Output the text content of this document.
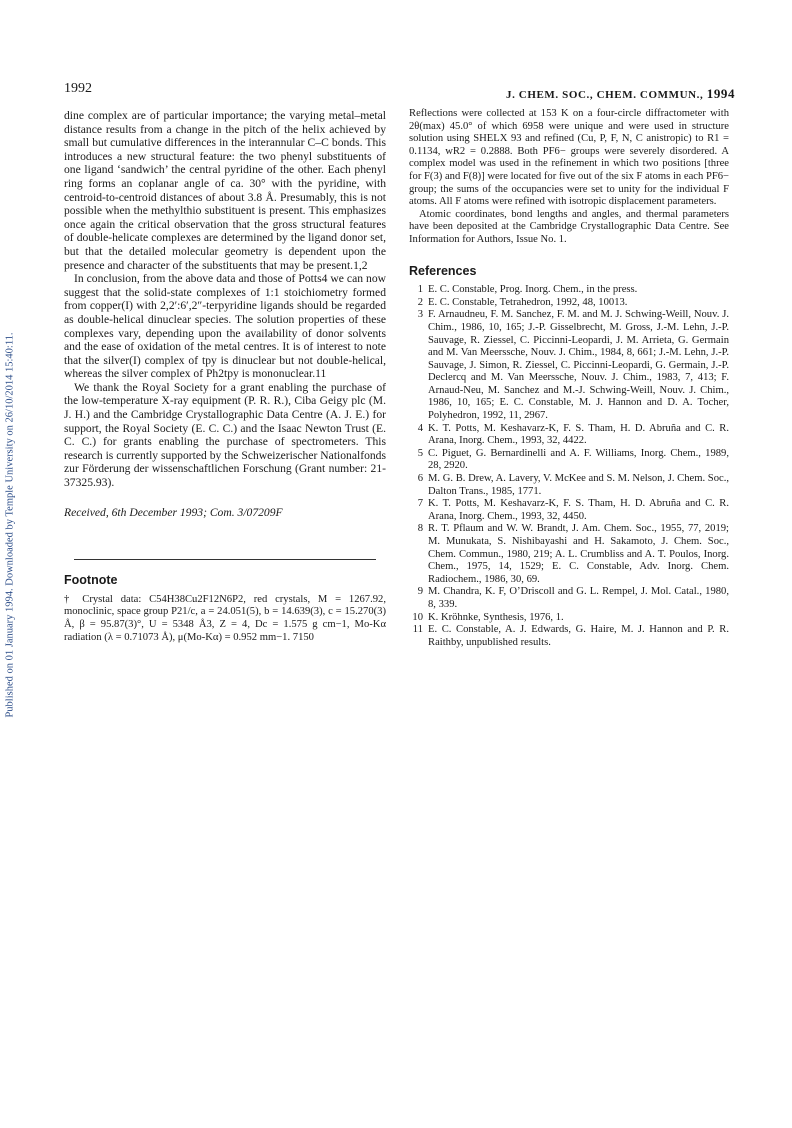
Published on 01 January 1994. Downloaded by Temple University on 26/10/2014 15:40:11.
1992	J. CHEM. SOC., CHEM. COMMUN., 1994

dine complex are of particular importance; the varying metal–metal distance results from a change in the pitch of the helix achieved by small but cumulative differences in the interannular C–C bonds. This introduces a new structural feature: the two phenyl substituents of one ligand ‘sandwich’ the central pyridine of the other. Each phenyl ring forms an coplanar angle of ca. 30° with the pyridine, with centroid-to-centroid distances of about 3.8 Å. Presumably, this is not possible when the methylthio substituent is present. This emphasizes once again the critical observation that the gross structural features of double-helicate complexes are determined by the ligand donor set, but that the detailed molecular geometry is dependent upon the presence and character of the substituents that may be present.1,2

In conclusion, from the above data and those of Potts4 we can now suggest that the solid-state complexes of 1:1 stoichiometry formed from copper(I) with 2,2′:6′,2″-terpyridine ligands should be regarded as double-helical dinuclear species. The solution properties of these complexes vary, depending upon the availability of donor solvents and the ease of oxidation of the metal centres. It is of interest to note that the silver(I) complex of tpy is dinuclear but not double-helical, whereas the silver complex of Ph2tpy is mononuclear.11

We thank the Royal Society for a grant enabling the purchase of the low-temperature X-ray equipment (P. R. R.), Ciba Geigy plc (M. J. H.) and the Cambridge Crystallographic Data Centre (A. J. E.) for support, the Royal Society (E. C. C.) and the Isaac Newton Trust (E. C. C.) for grants enabling the purchase of spectrometers. This research is currently supported by the Schweizerischer Nationalfonds zur Förderung der wissenschaftlichen Forschung (Grant number: 21-37325.93).

Received, 6th December 1993; Com. 3/07209F

Footnote

† Crystal data: C54H38Cu2F12N6P2, red crystals, M = 1267.92, monoclinic, space group P21/c, a = 24.051(5), b = 14.639(3), c = 15.270(3) Å, β = 95.87(3)°, U = 5348 Å3, Z = 4, Dc = 1.575 g cm−1, Mo-Kα radiation (λ = 0.71073 Å), μ(Mo-Kα) = 0.952 mm−1. 7150

Reflections were collected at 153 K on a four-circle diffractometer with 2θ(max) 45.0° of which 6958 were unique and were used in structure solution using SHELX 93 and refined (Cu, P, F, N, C anistropic) to R1 = 0.1134, wR2 = 0.2888. Both PF6− groups were severely disordered. A complex model was used in the refinement in which two positions [three for F(3) and F(8)] were located for five out of the six F atoms in each PF6− group; the sums of the occupancies were set to unity for the individual F atoms. All F atoms were refined with isotropic displacement parameters.

Atomic coordinates, bond lengths and angles, and thermal parameters have been deposited at the Cambridge Crystallographic Data Centre. See Information for Authors, Issue No. 1.

References
1 E. C. Constable, Prog. Inorg. Chem., in the press.
2 E. C. Constable, Tetrahedron, 1992, 48, 10013.
3 F. Arnaudneu, F. M. Sanchez, F. M. and M. J. Schwing-Weill, Nouv. J. Chim., 1986, 10, 165; J.-P. Gisselbrecht, M. Gross, J.-M. Lehn, J.-P. Sauvage, R. Ziessel, C. Piccinni-Leopardi, J. M. Arrieta, G. Germain and M. Van Meerssche, Nouv. J. Chim., 1984, 8, 661; J.-M. Lehn, J.-P. Sauvage, J. Simon, R. Ziessel, C. Piccinni-Leopardi, G. Germain, J.-P. Declercq and M. Van Meerssche, Nouv. J. Chim., 1983, 7, 413; F. Arnaud-Neu, M. Sanchez and M.-J. Schwing-Weill, Nouv. J. Chim., 1986, 10, 165; E. C. Constable, M. J. Hannon and D. A. Tocher, Polyhedron, 1992, 11, 2967.
4 K. T. Potts, M. Keshavarz-K, F. S. Tham, H. D. Abruña and C. R. Arana, Inorg. Chem., 1993, 32, 4422.
5 C. Piguet, G. Bernardinelli and A. F. Williams, Inorg. Chem., 1989, 28, 2920.
6 M. G. B. Drew, A. Lavery, V. McKee and S. M. Nelson, J. Chem. Soc., Dalton Trans., 1985, 1771.
7 K. T. Potts, M. Keshavarz-K, F. S. Tham, H. D. Abruña and C. R. Arana, Inorg. Chem., 1993, 32, 4450.
8 R. T. Pflaum and W. W. Brandt, J. Am. Chem. Soc., 1955, 77, 2019; M. Munukata, S. Nishibayashi and H. Sakamoto, J. Chem. Soc., Chem. Commun., 1980, 219; A. L. Crumbliss and A. T. Poulos, Inorg. Chem., 1975, 14, 1529; E. C. Constable, Adv. Inorg. Chem. Radiochem., 1986, 30, 69.
9 M. Chandra, K. F, O’Driscoll and G. L. Rempel, J. Mol. Catal., 1980, 8, 339.
10 K. Kröhnke, Synthesis, 1976, 1.
11 E. C. Constable, A. J. Edwards, G. Haire, M. J. Hannon and P. R. Raithby, unpublished results.
